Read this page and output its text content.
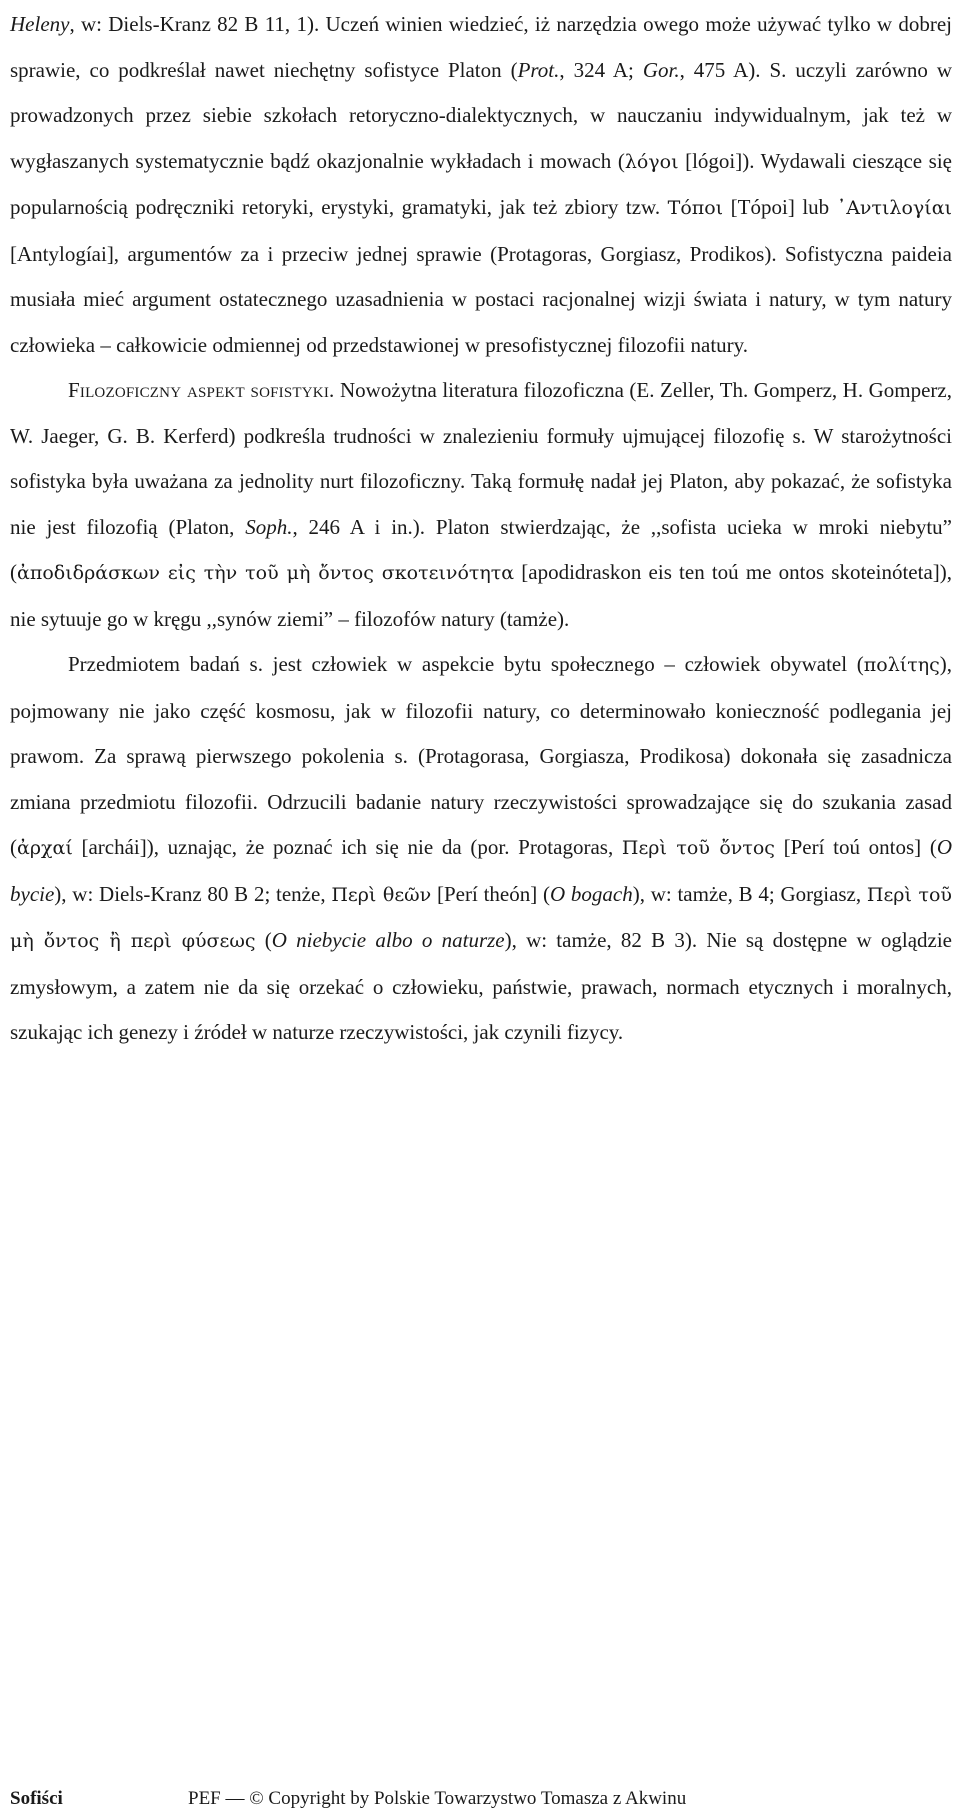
Heleny, w: Diels-Kranz 82 B 11, 1). Uczeń winien wiedzieć, iż narzędzia owego może używać tylko w dobrej sprawie, co podkreślał nawet niechętny sofistyce Platon (Prot., 324 A; Gor., 475 A). S. uczyli zarówno w prowadzonych przez siebie szkołach retoryczno-dialektycznych, w nauczaniu indywidualnym, jak też w wygłaszanych systematycznie bądź okazjonalnie wykładach i mowach (λόγοι [lógoi]). Wydawali cieszące się popularnością podręczniki retoryki, erystyki, gramatyki, jak też zbiory tzw. Τόποι [Tópoi] lub ᾿Αντιλογίαι [Antylogíai], argumentów za i przeciw jednej sprawie (Protagoras, Gorgiasz, Prodikos). Sofistyczna paideia musiała mieć argument ostatecznego uzasadnienia w postaci racjonalnej wizji świata i natury, w tym natury człowieka – całkowicie odmiennej od przedstawionej w presofistycznej filozofii natury.

Filozoficzny aspekt sofistyki. Nowożytna literatura filozoficzna (E. Zeller, Th. Gomperz, H. Gomperz, W. Jaeger, G. B. Kerferd) podkreśla trudności w znalezieniu formuły ujmującej filozofię s. W starożytności sofistyka była uważana za jednolity nurt filozoficzny. Taką formułę nadał jej Platon, aby pokazać, że sofistyka nie jest filozofią (Platon, Soph., 246 A i in.). Platon stwierdzając, że ,,sofista ucieka w mroki niebytu” (ἀποδιδράσκων εἰς τὴν τοῦ μὴ ὄντος σκοτεινότητα [apodidraskon eis ten toú me ontos skoteinóteta]), nie sytuuje go w kręgu ,,synów ziemi” – filozofów natury (tamże).

Przedmiotem badań s. jest człowiek w aspekcie bytu społecznego – człowiek obywatel (πολίτης), pojmowany nie jako część kosmosu, jak w filozofii natury, co determinowało konieczność podlegania jej prawom. Za sprawą pierwszego pokolenia s. (Protagorasa, Gorgiasza, Prodikosa) dokonała się zasadnicza zmiana przedmiotu filozofii. Odrzucili badanie natury rzeczywistości sprowadzające się do szukania zasad (ἀρχαί [archái]), uznając, że poznać ich się nie da (por. Protagoras, Περὶ τοῦ ὄντος [Perí toú ontos] (O bycie), w: Diels-Kranz 80 B 2; tenże, Περὶ θεῶν [Perí theón] (O bogach), w: tamże, B 4; Gorgiasz, Περὶ τοῦ μὴ ὄντος ἢ περὶ φύσεως (O niebycie albo o naturze), w: tamże, 82 B 3). Nie są dostępne w oglądzie zmysłowym, a zatem nie da się orzekać o człowieku, państwie, prawach, normach etycznych i moralnych, szukając ich genezy i źródeł w naturze rzeczywistości, jak czynili fizycy.

Sofiści	PEF — © Copyright by Polskie Towarzystwo Tomasza z Akwinu
